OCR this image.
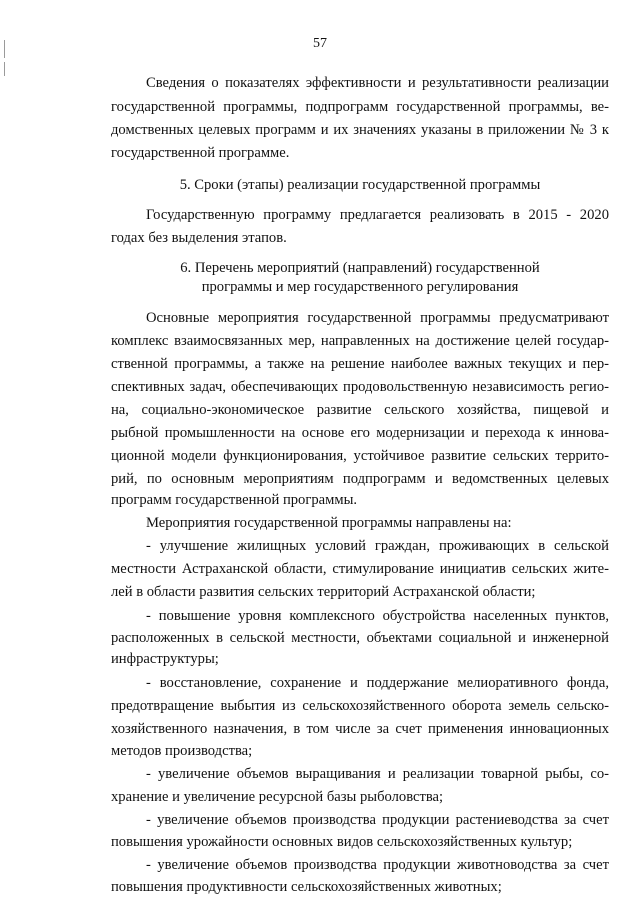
57
Сведения о показателях эффективности и результативности реализации
государственной программы, подпрограмм государственной программы, ве-
домственных целевых программ и их значениях указаны в приложении № 3 к
государственной программе.
5. Сроки (этапы) реализации государственной программы
Государственную программу предлагается реализовать в 2015 - 2020
годах без выделения этапов.
6. Перечень мероприятий (направлений) государственной
программы и мер государственного регулирования
Основные мероприятия государственной программы предусматривают
комплекс взаимосвязанных мер, направленных на достижение целей государ-
ственной программы, а также на решение наиболее важных текущих и пер-
спективных задач, обеспечивающих продовольственную независимость регио-
на, социально-экономическое развитие сельского хозяйства, пищевой и
рыбной промышленности на основе его модернизации и перехода к иннова-
ционной модели функционирования, устойчивое развитие сельских террито-
рий, по основным мероприятиям подпрограмм и ведомственных целевых
программ государственной программы.
Мероприятия государственной программы направлены на:
- улучшение жилищных условий граждан, проживающих в сельской
местности Астраханской области, стимулирование инициатив сельских жите-
лей в области развития сельских территорий Астраханской области;
- повышение уровня комплексного обустройства населенных пунктов,
расположенных в сельской местности, объектами социальной и инженерной
инфраструктуры;
- восстановление, сохранение и поддержание мелиоративного фонда,
предотвращение выбытия из сельскохозяйственного оборота земель сельско-
хозяйственного назначения, в том числе за счет применения инновационных
методов производства;
- увеличение объемов выращивания и реализации товарной рыбы, со-
хранение и увеличение ресурсной базы рыболовства;
- увеличение объемов производства продукции растениеводства за счет
повышения урожайности основных видов сельскохозяйственных культур;
- увеличение объемов производства продукции животноводства за счет
повышения продуктивности сельскохозяйственных животных;
